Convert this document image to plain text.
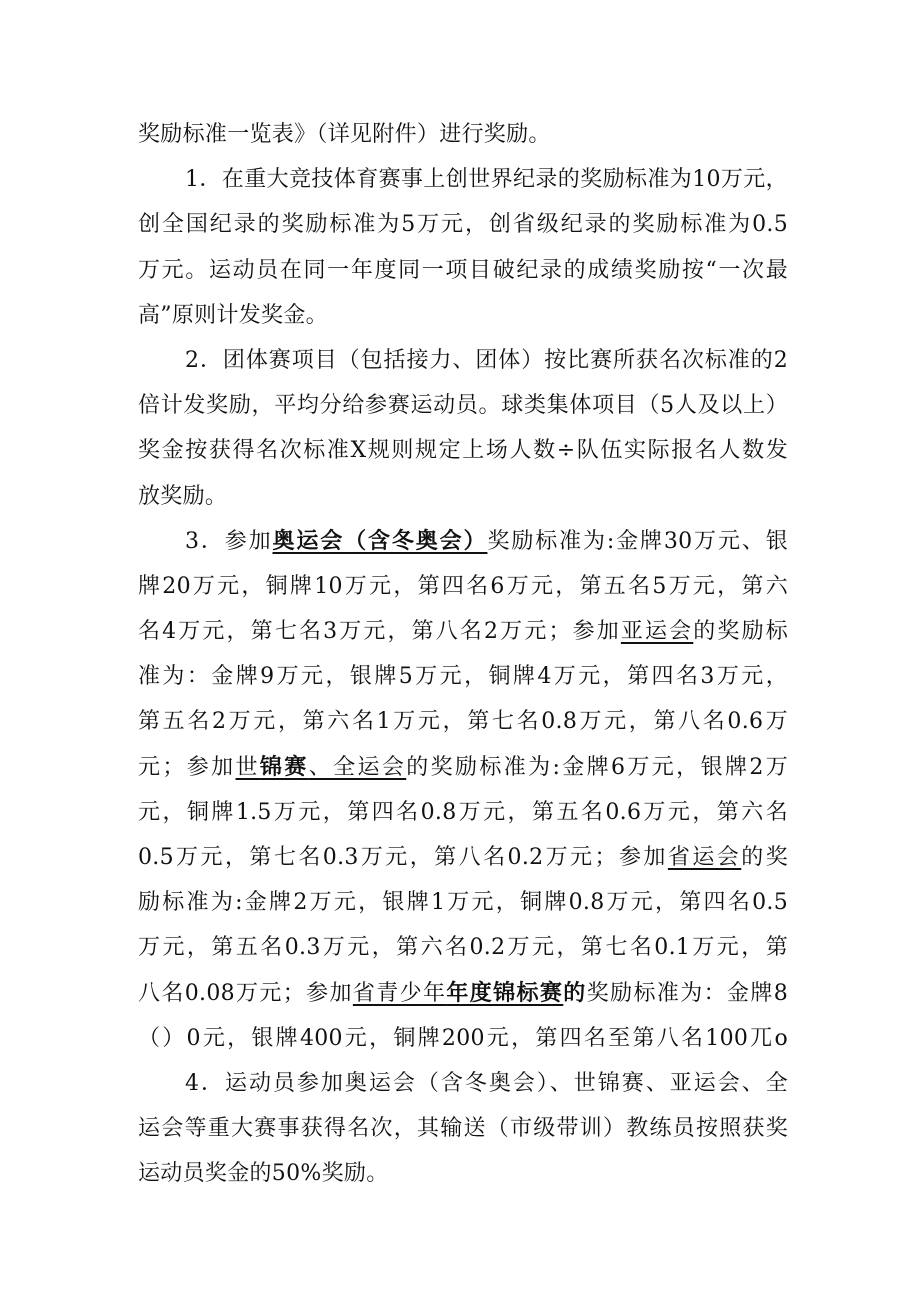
奖励标准一览表》（详见附件）进行奖励。
1．在重大竞技体育赛事上创世界纪录的奖励标准为10万元，
创全国纪录的奖励标准为5万元，创省级纪录的奖励标准为0.5
万元。运动员在同一年度同一项目破纪录的成绩奖励按“一次最
高”原则计发奖金。
2．团体赛项目（包括接力、团体）按比赛所获名次标准的2
倍计发奖励，平均分给参赛运动员。球类集体项目（5人及以上）
奖金按获得名次标准X规则规定上场人数÷队伍实际报名人数发
放奖励。
3．参加奥运会（含冬奥会）奖励标准为:金牌30万元、银
牌20万元，铜牌10万元，第四名6万元，第五名5万元，第六
名4万元，第七名3万元，第八名2万元；参加亚运会的奖励标
准为：金牌9万元，银牌5万元，铜牌4万元，第四名3万元，
第五名2万元，第六名1万元，第七名0.8万元，第八名0.6万
元；参加世锦赛、全运会的奖励标准为:金牌6万元，银牌2万
元，铜牌1.5万元，第四名0.8万元，第五名0.6万元，第六名
0.5万元，第七名0.3万元，第八名0.2万元；参加省运会的奖
励标准为:金牌2万元，银牌1万元，铜牌0.8万元，第四名0.5
万元，第五名0.3万元，第六名0.2万元，第七名0.1万元，第
八名0.08万元；参加省青少年年度锦标赛的奖励标准为：金牌8
（）0元，银牌400元，铜牌200元，第四名至第八名100兀o
4．运动员参加奥运会（含冬奥会）、世锦赛、亚运会、全
运会等重大赛事获得名次，其输送（市级带训）教练员按照获奖
运动员奖金的50%奖励。
